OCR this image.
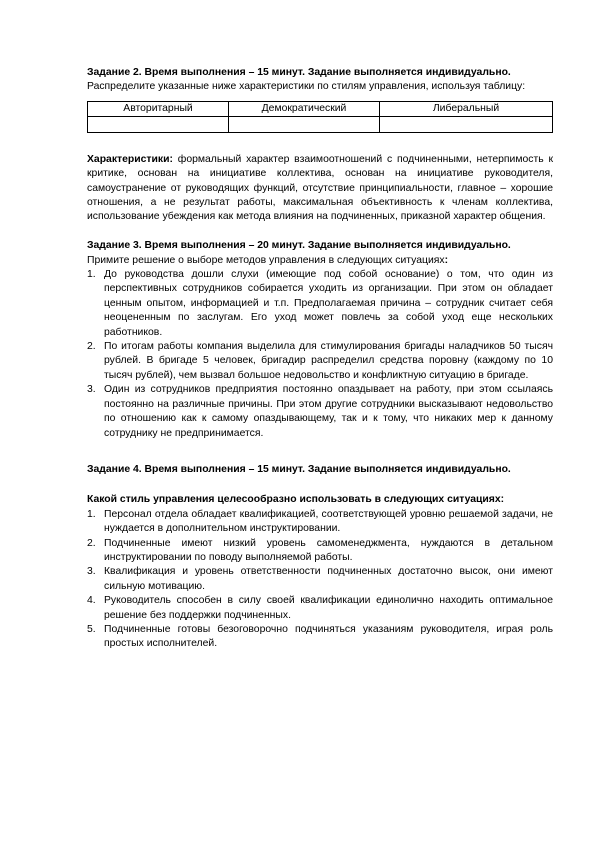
Задание 2. Время выполнения – 15 минут. Задание выполняется индивидуально.

Распределите указанные ниже характеристики по стилям управления, используя таблицу:

Авторитарный	Демократический	Либеральный

Характеристики: формальный характер взаимоотношений с подчиненными, нетерпимость к критике, основан на инициативе коллектива, основан на инициативе руководителя, самоустранение от руководящих функций, отсутствие принципиальности, главное – хорошие отношения, а не результат работы, максимальная объективность к членам коллектива, использование убеждения как метода влияния на подчиненных, приказной характер общения.

Задание 3. Время выполнения – 20 минут. Задание выполняется индивидуально.

Примите решение о выборе методов управления в следующих ситуациях:

1. До руководства дошли слухи (имеющие под собой основание) о том, что один из перспективных сотрудников собирается уходить из организации. При этом он обладает ценным опытом, информацией и т.п. Предполагаемая причина – сотрудник считает себя неоцененным по заслугам. Его уход может повлечь за собой уход еще нескольких работников.
2. По итогам работы компания выделила для стимулирования бригады наладчиков 50 тысяч рублей. В бригаде 5 человек, бригадир распределил средства поровну (каждому по 10 тысяч рублей), чем вызвал большое недовольство и конфликтную ситуацию в бригаде.
3. Один из сотрудников предприятия постоянно опаздывает на работу, при этом ссылаясь постоянно на различные причины. При этом другие сотрудники высказывают недовольство по отношению как к самому опаздывающему, так и к тому, что никаких мер к данному сотруднику не предпринимается.

Задание 4. Время выполнения – 15 минут. Задание выполняется индивидуально.

Какой стиль управления целесообразно использовать в следующих ситуациях:

1. Персонал отдела обладает квалификацией, соответствующей уровню решаемой задачи, не нуждается в дополнительном инструктировании.
2. Подчиненные имеют низкий уровень самоменеджмента, нуждаются в детальном инструктировании по поводу выполняемой работы.
3. Квалификация и уровень ответственности подчиненных достаточно высок, они имеют сильную мотивацию.
4. Руководитель способен в силу своей квалификации единолично находить оптимальное решение без поддержки подчиненных.
5. Подчиненные готовы безоговорочно подчиняться указаниям руководителя, играя роль простых исполнителей.
